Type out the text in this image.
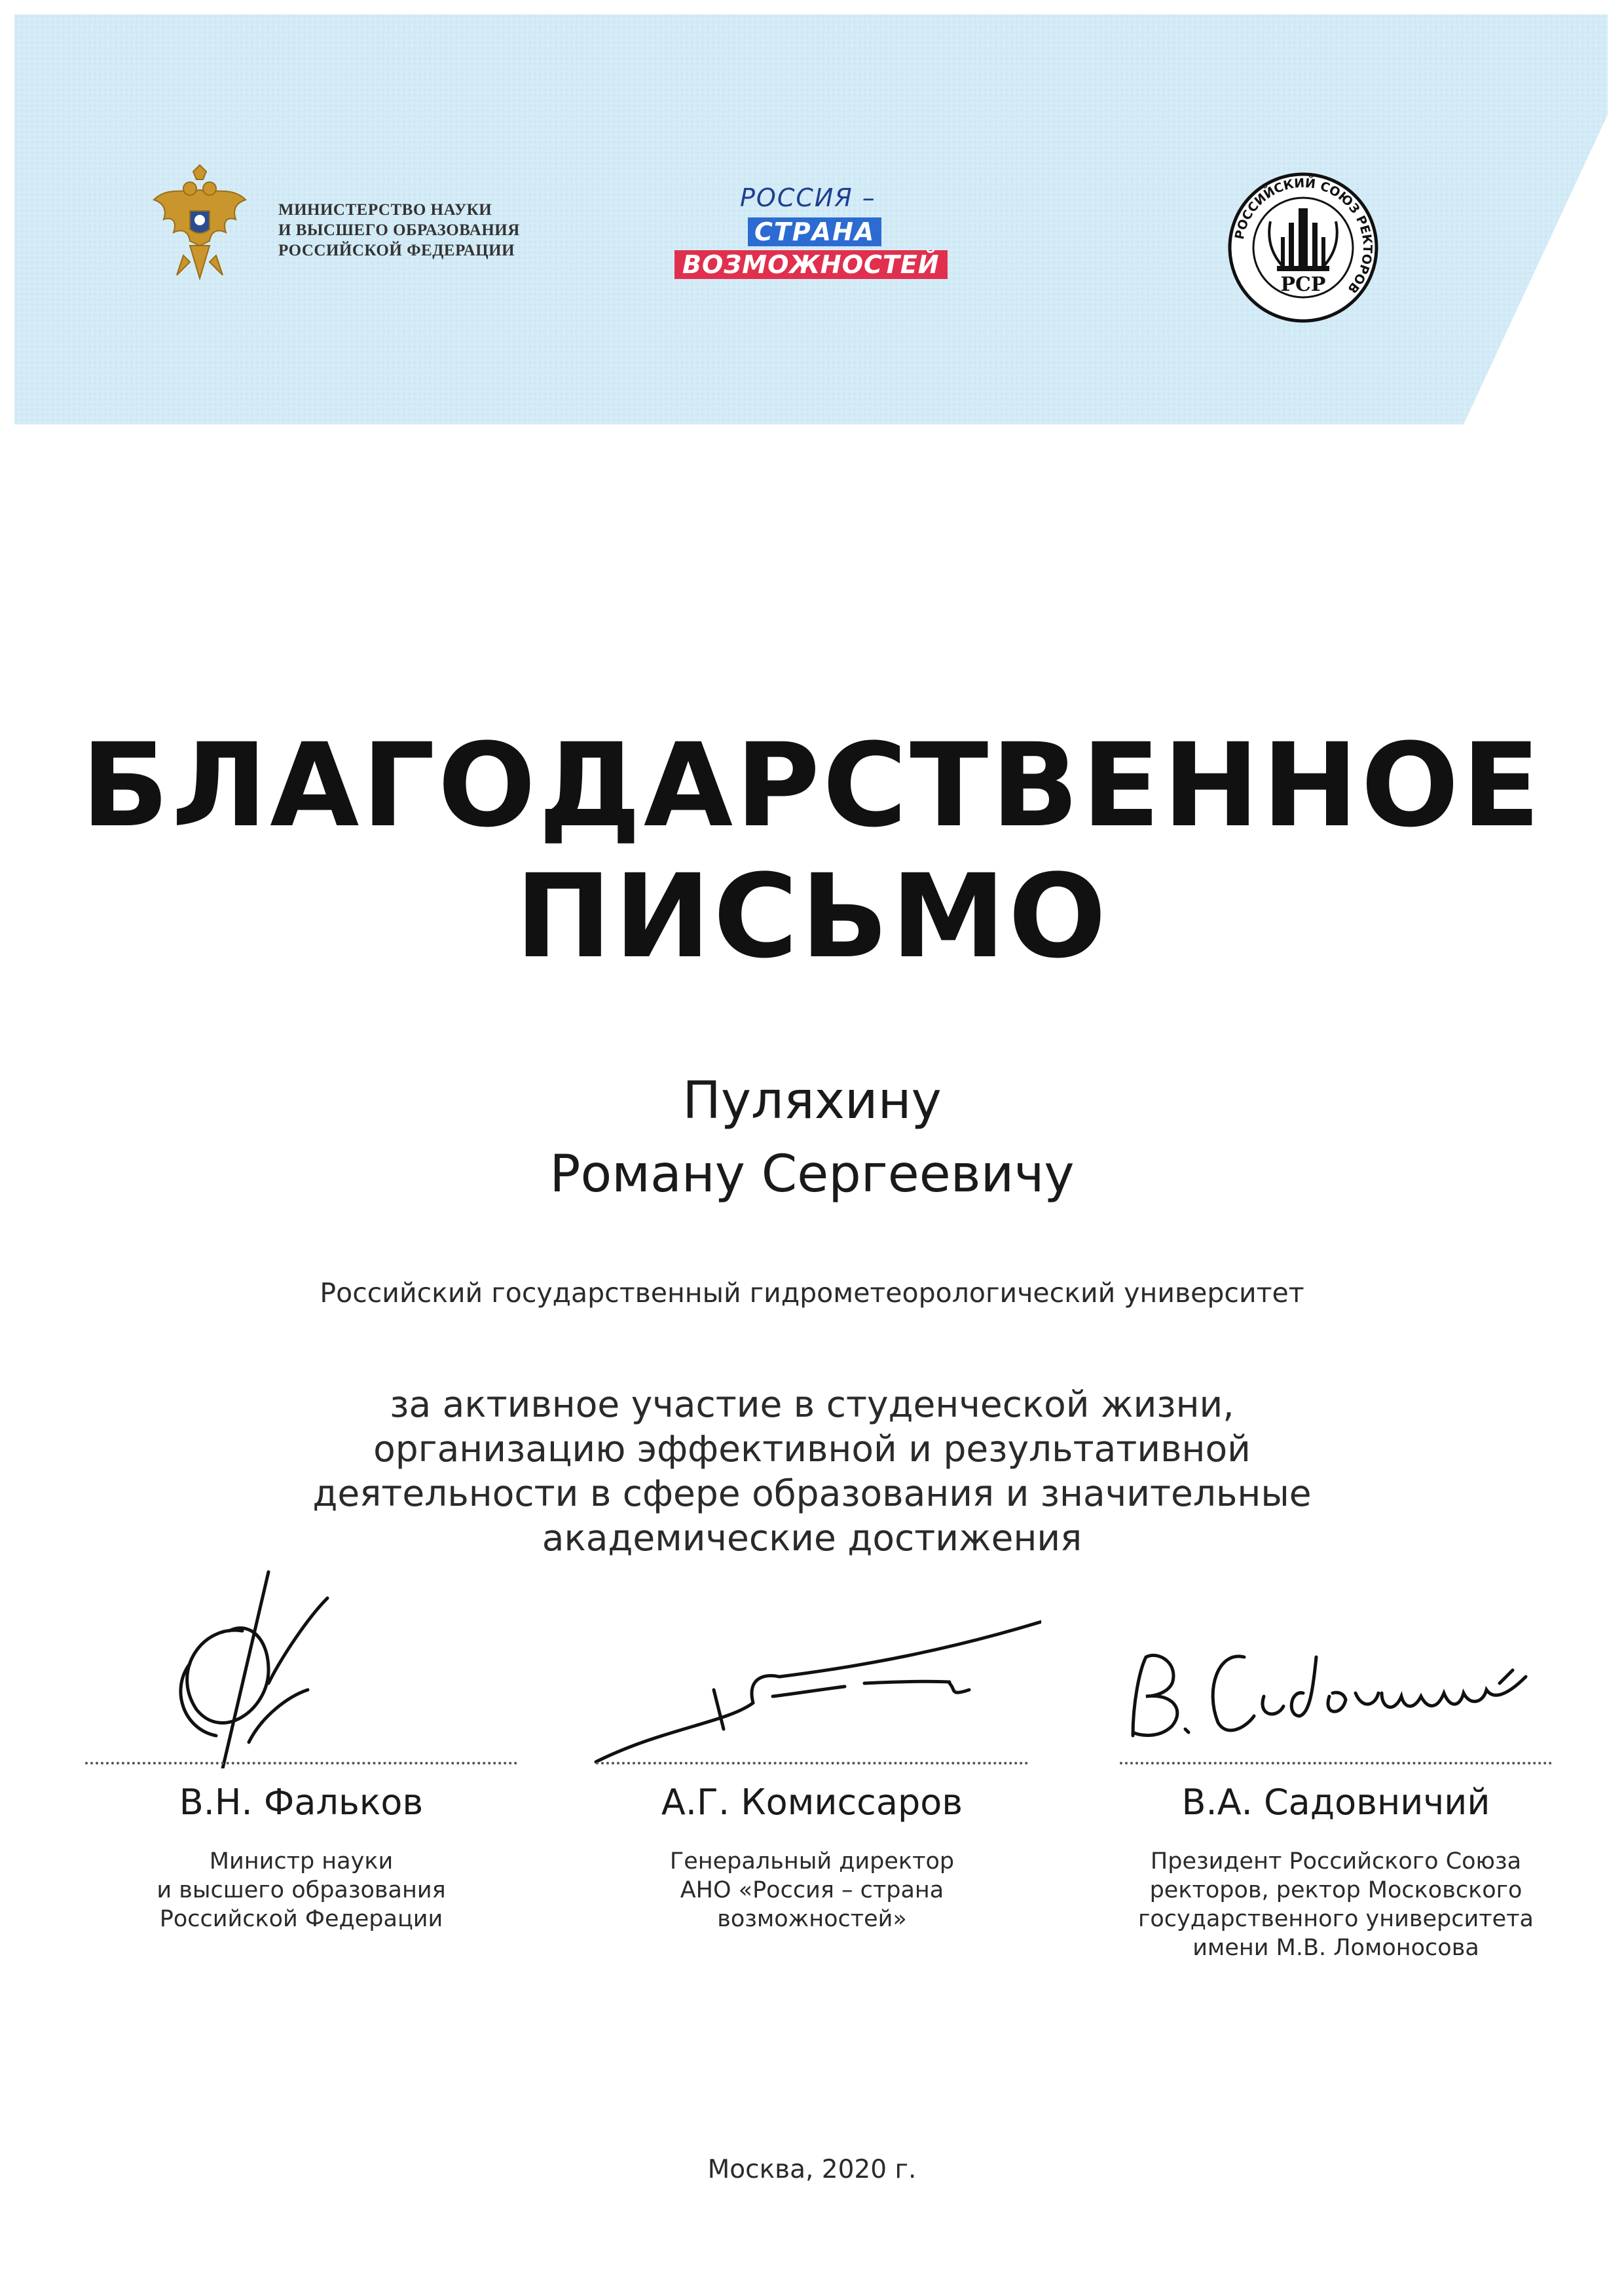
МИНИСТЕРСТВО НАУКИ
И ВЫСШЕГО ОБРАЗОВАНИЯ
РОССИЙСКОЙ ФЕДЕРАЦИИ
РОССИЯ –
СТРАНА
ВОЗМОЖНОСТЕЙ
РОССИЙСКИЙ СОЮЗ РЕКТОРОВ
РСР
БЛАГОДАРСТВЕННОЕ
ПИСЬМО
Пуляхину
Роману Сергеевичу
Российский государственный гидрометеорологический университет
за активное участие в студенческой жизни,
организацию эффективной и результативной
деятельности в сфере образования и значительные
академические достижения
В.Н. Фальков
Министр науки
и высшего образования
Российской Федерации
А.Г. Комиссаров
Генеральный директор
АНО «Россия – страна
возможностей»
В.А. Садовничий
Президент Российского Союза
ректоров, ректор Московского
государственного университета
имени М.В. Ломоносова
Москва, 2020 г.
